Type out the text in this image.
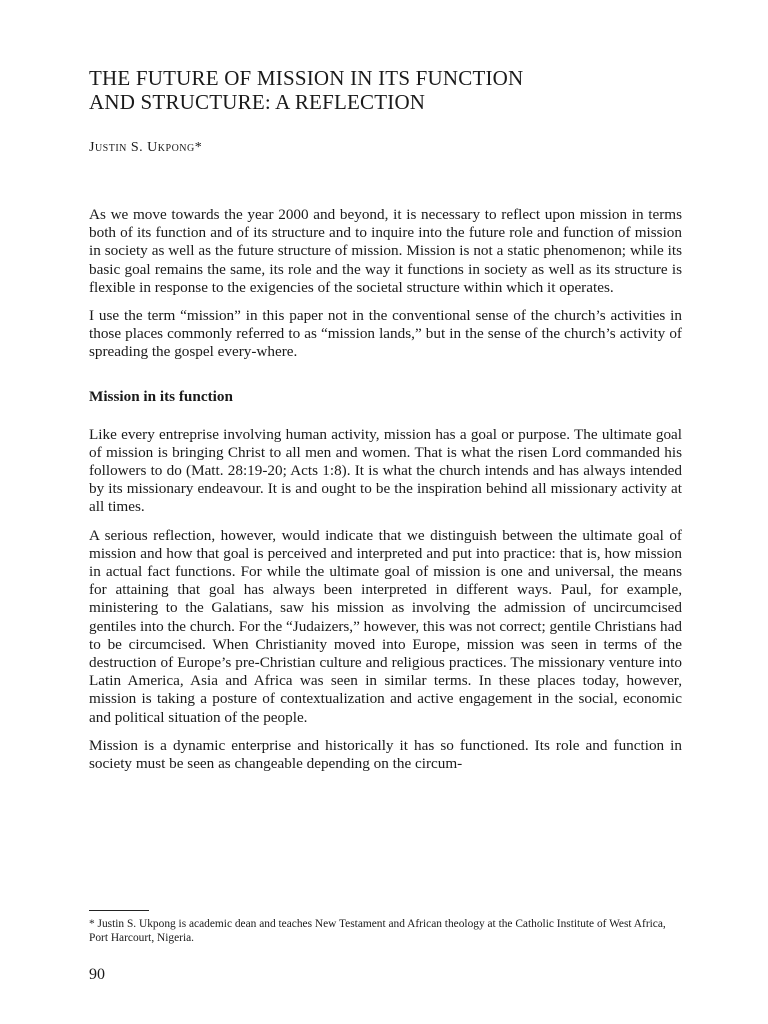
THE FUTURE OF MISSION IN ITS FUNCTION
AND STRUCTURE: A REFLECTION
Justin S. Ukpong*

As we move towards the year 2000 and beyond, it is necessary to reflect upon mission in terms both of its function and of its structure and to inquire into the future role and function of mission in society as well as the future structure of mission. Mission is not a static phenomenon; while its basic goal remains the same, its role and the way it functions in society as well as its structure is flexible in response to the exigencies of the societal structure within which it operates.

I use the term “mission” in this paper not in the conventional sense of the church’s activities in those places commonly referred to as “mission lands,” but in the sense of the church’s activity of spreading the gospel every-where.

Mission in its function

Like every entreprise involving human activity, mission has a goal or purpose. The ultimate goal of mission is bringing Christ to all men and women. That is what the risen Lord commanded his followers to do (Matt. 28:19-20; Acts 1:8). It is what the church intends and has always intended by its missionary endeavour. It is and ought to be the inspiration behind all missionary activity at all times.

A serious reflection, however, would indicate that we distinguish between the ultimate goal of mission and how that goal is perceived and interpreted and put into practice: that is, how mission in actual fact functions. For while the ultimate goal of mission is one and universal, the means for attaining that goal has always been interpreted in different ways. Paul, for example, ministering to the Galatians, saw his mission as involving the admission of uncircumcised gentiles into the church. For the “Judaizers,” however, this was not correct; gentile Christians had to be circumcised. When Christianity moved into Europe, mission was seen in terms of the destruction of Europe’s pre-Christian culture and religious practices. The missionary venture into Latin America, Asia and Africa was seen in similar terms. In these places today, however, mission is taking a posture of contextualization and active engagement in the social, economic and political situation of the people.

Mission is a dynamic enterprise and historically it has so functioned. Its role and function in society must be seen as changeable depending on the circum-

* Justin S. Ukpong is academic dean and teaches New Testament and African theology at the Catholic Institute of West Africa, Port Harcourt, Nigeria.
90
